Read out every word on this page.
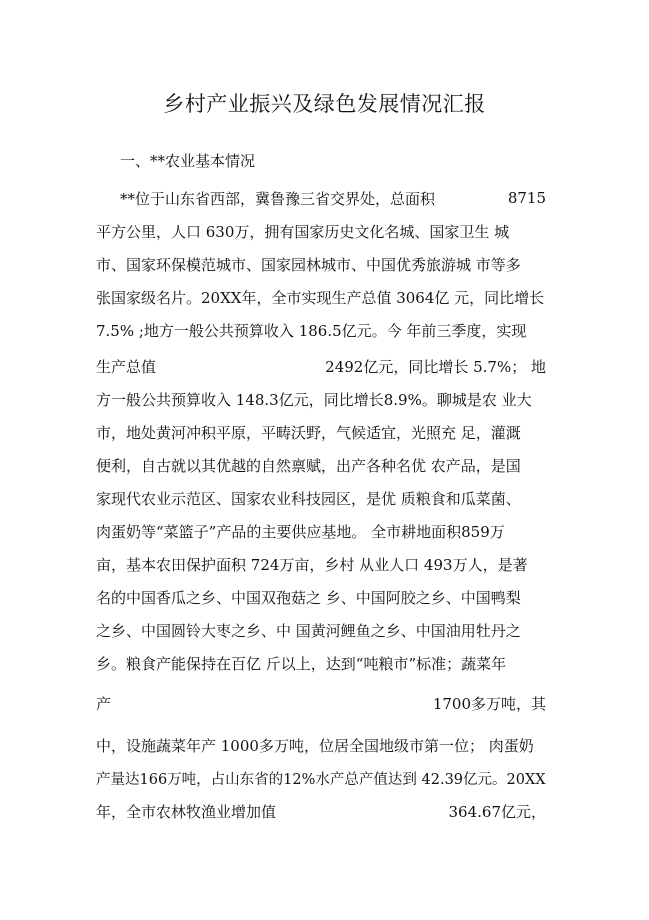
乡村产业振兴及绿色发展情况汇报
一、**农业基本情况
**位于山东省西部，冀鲁豫三省交界处，总面积	8715
平方公里，人口 630万，拥有国家历史文化名城、国家卫生 城
市、国家环保模范城市、国家园林城市、中国优秀旅游城 市等多
张国家级名片。20XX年，全市实现生产总值 3064亿 元，同比增长
7.5% ;地方一般公共预算收入 186.5亿元。今 年前三季度，实现
生产总值	2492亿元，同比增长 5.7%； 地
方一般公共预算收入 148.3亿元，同比增长8.9%。聊城是农 业大
市，地处黄河冲积平原，平畴沃野，气候适宜，光照充 足，灌溉
便利，自古就以其优越的自然禀赋，出产各种名优 农产品，是国
家现代农业示范区、国家农业科技园区，是优 质粮食和瓜菜菌、
肉蛋奶等“菜篮子”产品的主要供应基地。 全市耕地面积859万
亩，基本农田保护面积 724万亩，乡村 从业人口 493万人，是著
名的中国香瓜之乡、中国双孢菇之 乡、中国阿胶之乡、中国鸭梨
之乡、中国圆铃大枣之乡、中 国黄河鲤鱼之乡、中国油用牡丹之
乡。粮食产能保持在百亿 斤以上，达到“吨粮市”标准；蔬菜年
产	1700多万吨，其
中，设施蔬菜年产 1000多万吨，位居全国地级市第一位； 肉蛋奶
产量达166万吨，占山东省的12%水产总产值达到 42.39亿元。20XX
年，全市农林牧渔业增加值	364.67亿元，
